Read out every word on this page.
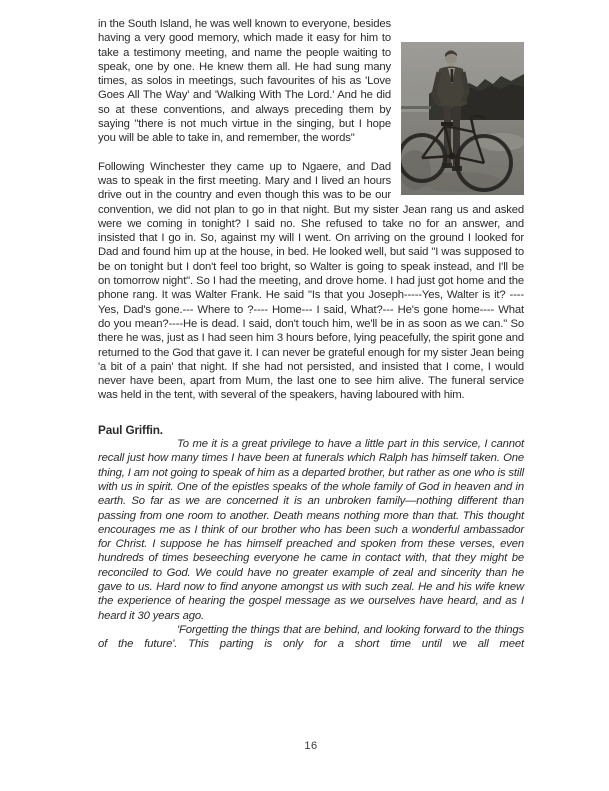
in the South Island, he was well known to everyone, besides having a very good memory, which made it easy for him to take a testimony meeting, and name the people waiting to speak, one by one. He knew them all. He had sung many times, as solos in meetings, such favourites of his as 'Love Goes All The Way' and 'Walking With The Lord.' And he did so at these conventions, and always preceding them by saying "there is not much virtue in the singing, but I hope you will be able to take in, and remember, the words"

Following Winchester they came up to Ngaere, and Dad was to speak in the first meeting. Mary and I lived an hours drive out in the country and even though this was to be our convention, we did not plan to go in that night. But my sister Jean rang us and asked were we coming in tonight? I said no. She refused to take no for an answer, and insisted that I go in. So, against my will I went. On arriving on the ground I looked for Dad and found him up at the house, in bed. He looked well, but said "I was supposed to be on tonight but I don't feel too bright, so Walter is going to speak instead, and I'll be on tomorrow night". So I had the meeting, and drove home. I had just got home and the phone rang. It was Walter Frank. He said "Is that you Joseph-----Yes, Walter is it? ----Yes, Dad's gone.--- Where to ?---- Home--- I said, What?--- He's gone home---- What do you mean?----He is dead. I said, don't touch him, we'll be in as soon as we can." So there he was, just as I had seen him 3 hours before, lying peacefully, the spirit gone and returned to the God that gave it. I can never be grateful enough for my sister Jean being 'a bit of a pain' that night. If she had not persisted, and insisted that I come, I would never have been, apart from Mum, the last one to see him alive. The funeral service was held in the tent, with several of the speakers, having laboured with him.

Paul Griffin.

To me it is a great privilege to have a little part in this service, I cannot recall just how many times I have been at funerals which Ralph has himself taken. One thing, I am not going to speak of him as a departed brother, but rather as one who is still with us in spirit. One of the epistles speaks of the whole family of God in heaven and in earth. So far as we are concerned it is an unbroken family—nothing different than passing from one room to another. Death means nothing more than that. This thought encourages me as I think of our brother who has been such a wonderful ambassador for Christ. I suppose he has himself preached and spoken from these verses, even hundreds of times beseeching everyone he came in contact with, that they might be reconciled to God. We could have no greater example of zeal and sincerity than he gave to us. Hard now to find anyone amongst us with such zeal. He and his wife knew the experience of hearing the gospel message as we ourselves have heard, and as I heard it 30 years ago.

'Forgetting the things that are behind, and looking forward to the things of the future'. This parting is only for a short time until we all meet

16
